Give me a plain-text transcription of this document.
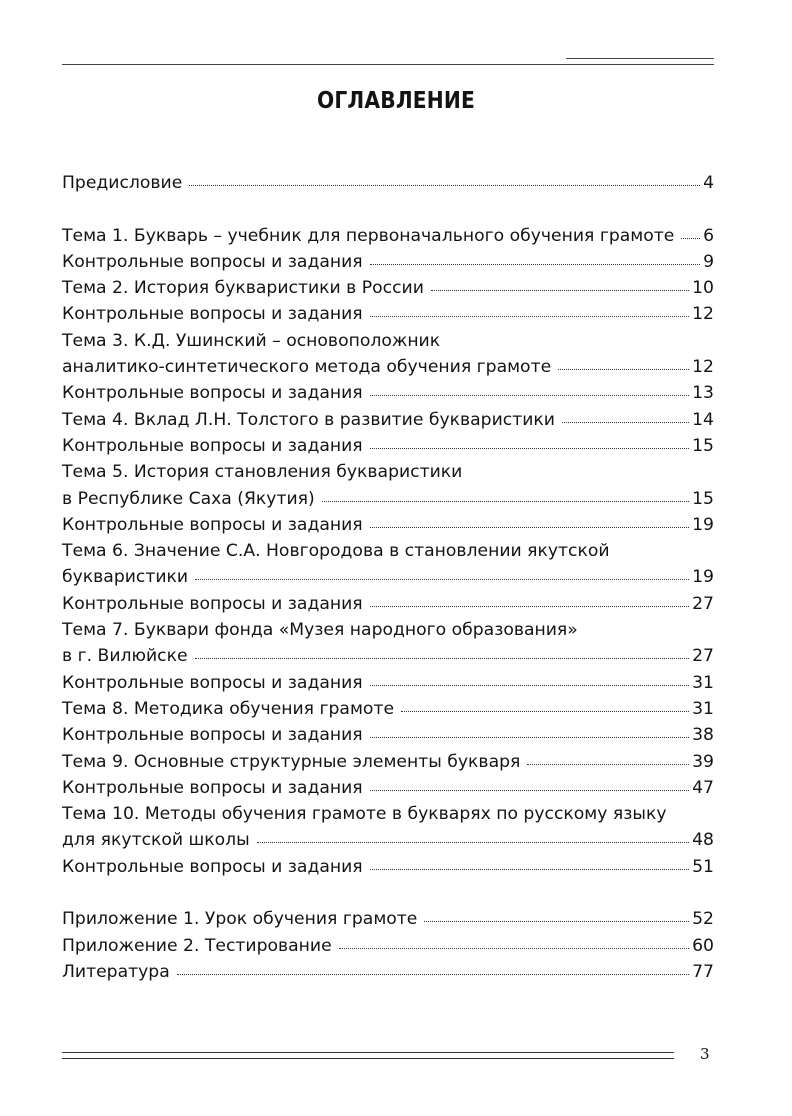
ОГЛАВЛЕНИЕ
Предисловие	4
Тема 1. Букварь – учебник для первоначального обучения грамоте 6
Контрольные вопросы и задания	9
Тема 2. История букваристики в России	10
Контрольные вопросы и задания	12
Тема 3. К.Д. Ушинский – основоположник
аналитико-синтетического метода обучения грамоте	12
Контрольные вопросы и задания	13
Тема 4. Вклад Л.Н. Толстого в развитие букваристики	14
Контрольные вопросы и задания	15
Тема 5. История становления букваристики
в Республике Саха (Якутия)	15
Контрольные вопросы и задания	19
Тема 6. Значение С.А. Новгородова в становлении якутской
букваристики	19
Контрольные вопросы и задания	27
Тема 7. Буквари фонда «Музея народного образования»
в г. Вилюйске	27
Контрольные вопросы и задания	31
Тема 8. Методика обучения грамоте	31
Контрольные вопросы и задания	38
Тема 9. Основные структурные элементы букваря	39
Контрольные вопросы и задания	47
Тема 10. Методы обучения грамоте в букварях по русскому языку
для якутской школы	48
Контрольные вопросы и задания	51
Приложение 1. Урок обучения грамоте	52
Приложение 2. Тестирование	60
Литература	77
3
